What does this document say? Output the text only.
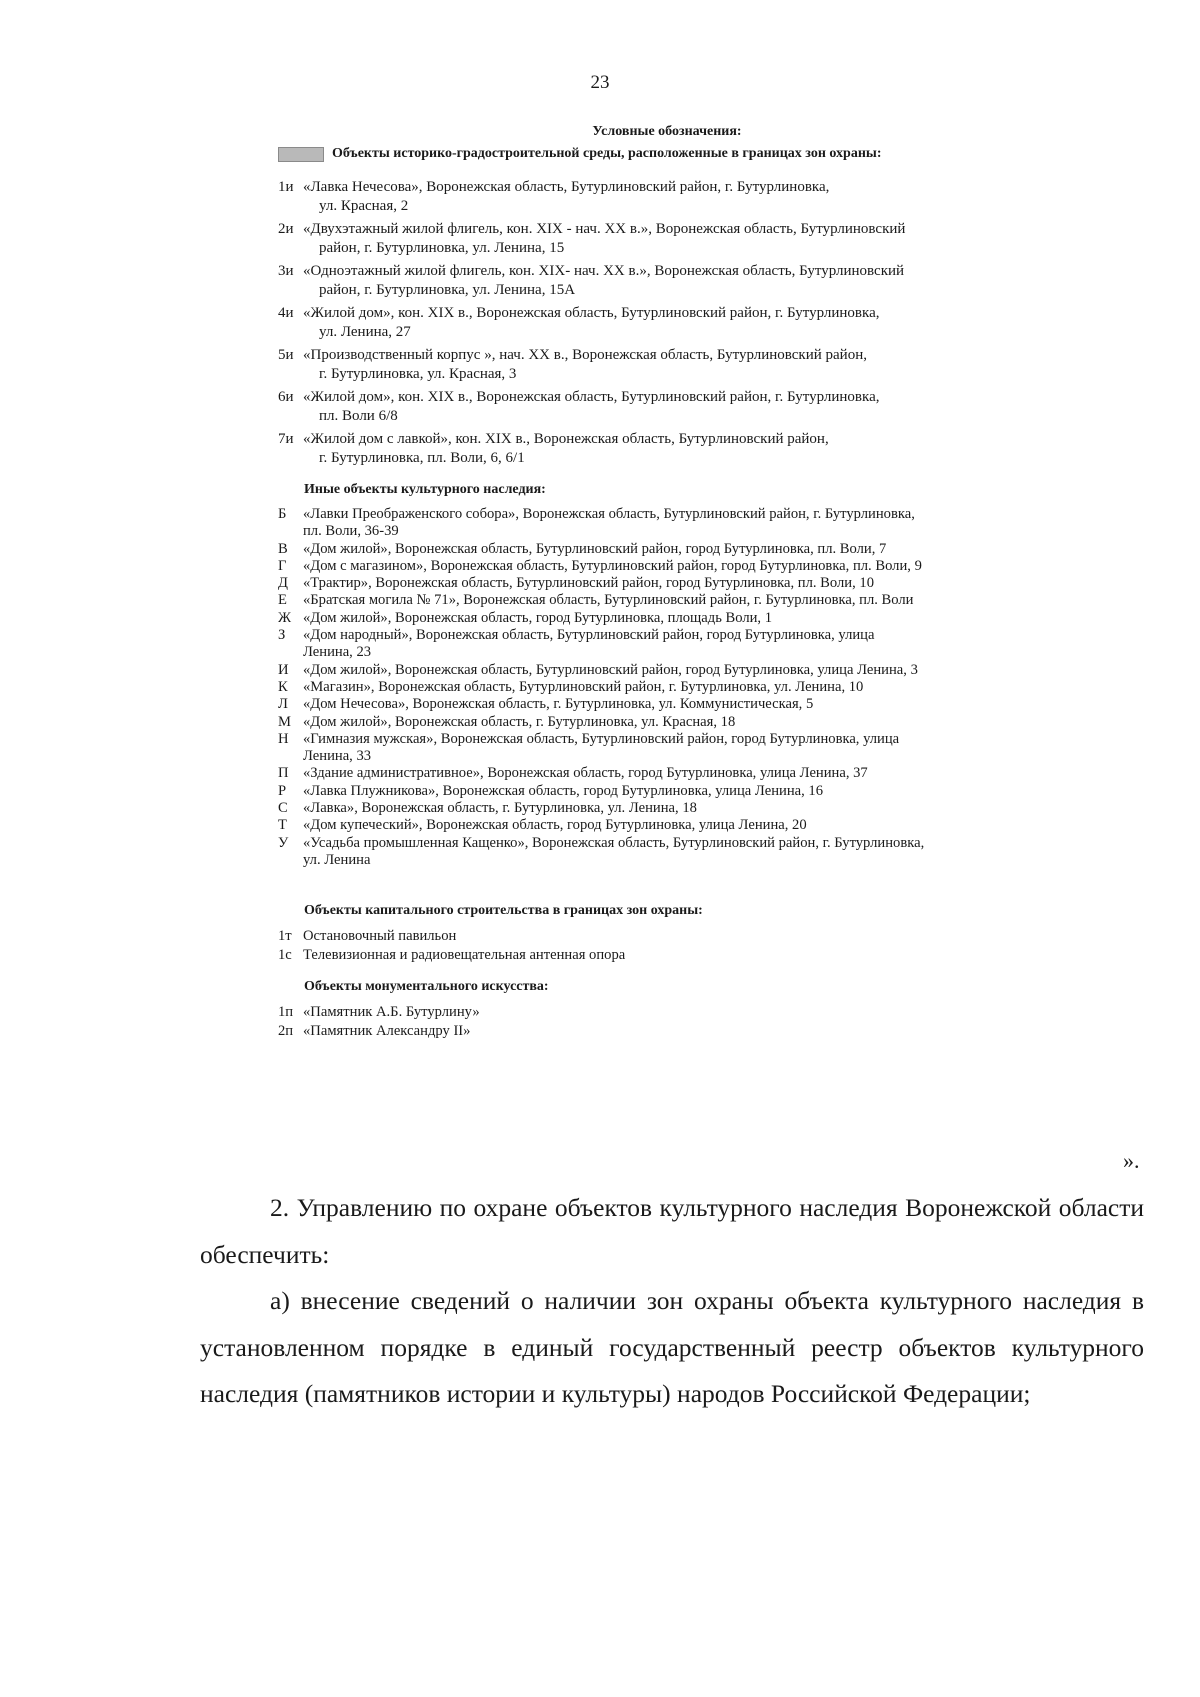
23
Условные обозначения:
Объекты историко-градостроительной среды, расположенные в границах зон охраны:
1и «Лавка Нечесова», Воронежская область, Бутурлиновский район, г. Бутурлиновка,
ул. Красная, 2
2и «Двухэтажный жилой флигель, кон. XIX - нач. XX в.», Воронежская область, Бутурлиновский
район, г. Бутурлиновка, ул. Ленина, 15
3и «Одноэтажный жилой флигель, кон. XIX- нач. XX в.», Воронежская область, Бутурлиновский
район, г. Бутурлиновка, ул. Ленина, 15А
4и «Жилой дом», кон. XIX в., Воронежская область, Бутурлиновский район, г. Бутурлиновка,
ул. Ленина, 27
5и «Производственный корпус », нач. XX в., Воронежская область, Бутурлиновский район,
г. Бутурлиновка, ул. Красная, 3
6и «Жилой дом», кон. XIX в., Воронежская область, Бутурлиновский район, г. Бутурлиновка,
пл. Воли 6/8
7и «Жилой дом с лавкой», кон. XIX в., Воронежская область, Бутурлиновский район,
г. Бутурлиновка, пл. Воли, 6, 6/1
Иные объекты культурного наследия:
Б	«Лавки Преображенского собора», Воронежская область, Бутурлиновский район, г. Бутурлиновка,
пл. Воли, 36-39
В	«Дом жилой», Воронежская область, Бутурлиновский район, город Бутурлиновка, пл. Воли, 7
Г	«Дом с магазином», Воронежская область, Бутурлиновский район, город Бутурлиновка, пл. Воли, 9
Д	«Трактир», Воронежская область, Бутурлиновский район, город Бутурлиновка, пл. Воли, 10
Е	«Братская могила № 71», Воронежская область, Бутурлиновский район, г. Бутурлиновка, пл. Воли
Ж «Дом жилой», Воронежская область, город Бутурлиновка, площадь Воли, 1
З	«Дом народный», Воронежская область, Бутурлиновский район, город Бутурлиновка, улица
Ленина, 23
И «Дом жилой», Воронежская область, Бутурлиновский район, город Бутурлиновка, улица Ленина, 3
К	«Магазин», Воронежская область, Бутурлиновский район, г. Бутурлиновка, ул. Ленина, 10
Л	«Дом Нечесова», Воронежская область, г. Бутурлиновка, ул. Коммунистическая, 5
М «Дом жилой», Воронежская область, г. Бутурлиновка, ул. Красная, 18
Н «Гимназия мужская», Воронежская область, Бутурлиновский район, город Бутурлиновка, улица
Ленина, 33
П «Здание административное», Воронежская область, город Бутурлиновка, улица Ленина, 37
Р	«Лавка Плужникова», Воронежская область, город Бутурлиновка, улица Ленина, 16
С	«Лавка», Воронежская область, г. Бутурлиновка, ул. Ленина, 18
Т	«Дом купеческий», Воронежская область, город Бутурлиновка, улица Ленина, 20
У	«Усадьба промышленная Кащенко», Воронежская область, Бутурлиновский район, г. Бутурлиновка,
ул. Ленина
Объекты капитального строительства в границах зон охраны:
1т Остановочный павильон
1с Телевизионная и радиовещательная антенная опора
Объекты монументального искусства:
1п «Памятник А.Б. Бутурлину»
2п «Памятник Александру II»
».

2. Управлению по охране объектов культурного наследия Воронежской области обеспечить:

а) внесение сведений о наличии зон охраны объекта культурного наследия в установленном порядке в единый государственный реестр объектов культурного наследия (памятников истории и культуры) народов Российской Федерации;
